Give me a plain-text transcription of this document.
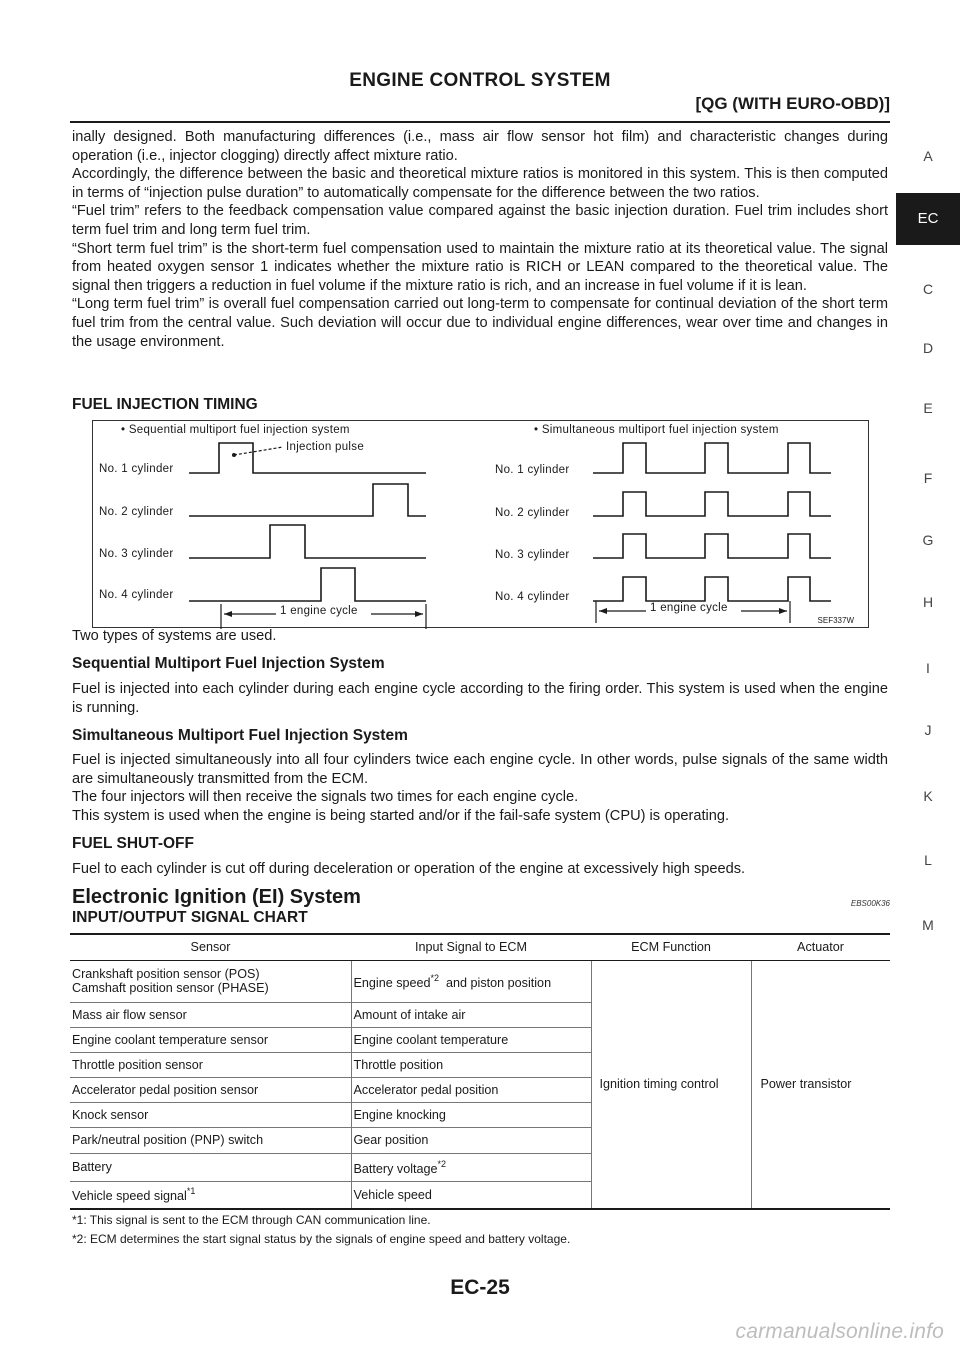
ENGINE CONTROL SYSTEM
[QG (WITH EURO-OBD)]
A
EC
C
D
E
F
G
H
I
J
K
L
M

inally designed. Both manufacturing differences (i.e., mass air flow sensor hot film) and characteristic changes during operation (i.e., injector clogging) directly affect mixture ratio.

Accordingly, the difference between the basic and theoretical mixture ratios is monitored in this system. This is then computed in terms of “injection pulse duration” to automatically compensate for the difference between the two ratios.

“Fuel trim” refers to the feedback compensation value compared against the basic injection duration. Fuel trim includes short term fuel trim and long term fuel trim.

“Short term fuel trim” is the short-term fuel compensation used to maintain the mixture ratio at its theoretical value. The signal from heated oxygen sensor 1 indicates whether the mixture ratio is RICH or LEAN compared to the theoretical value. The signal then triggers a reduction in fuel volume if the mixture ratio is rich, and an increase in fuel volume if it is lean.

“Long term fuel trim” is overall fuel compensation carried out long-term to compensate for continual deviation of the short term fuel trim from the central value. Such deviation will occur due to individual engine differences, wear over time and changes in the usage environment.

FUEL INJECTION TIMING
• Sequential multiport fuel injection system	• Simultaneous multiport fuel injection system
Injection pulse
No. 1 cylinder
No. 2 cylinder
No. 3 cylinder
No. 4 cylinder
No. 1 cylinder
No. 2 cylinder
No. 3 cylinder
No. 4 cylinder
1 engine cycle	1 engine cycle
SEF337W
Two types of systems are used.
Sequential Multiport Fuel Injection System
Fuel is injected into each cylinder during each engine cycle according to the firing order. This system is used when the engine is running.
Simultaneous Multiport Fuel Injection System

Fuel is injected simultaneously into all four cylinders twice each engine cycle. In other words, pulse signals of the same width are simultaneously transmitted from the ECM.

The four injectors will then receive the signals two times for each engine cycle.

This system is used when the engine is being started and/or if the fail-safe system (CPU) is operating.

FUEL SHUT-OFF
Fuel to each cylinder is cut off during deceleration or operation of the engine at excessively high speeds.
Electronic Ignition (EI) System	EBS00K36
INPUT/OUTPUT SIGNAL CHART
Sensor	Input Signal to ECM	ECM Function	Actuator

Crankshaft position sensor (POS)
Camshaft position sensor (PHASE)	Engine speed$^{*2}$  and piston position	Ignition timing control	Power transistor
Mass air flow sensor	Amount of intake air		
Engine coolant temperature sensor	Engine coolant temperature		
Throttle position sensor	Throttle position		
Accelerator pedal position sensor	Accelerator pedal position		
Knock sensor	Engine knocking		
Park/neutral position (PNP) switch	Gear position		
Battery	Battery voltage$^{*2}$
Vehicle speed signal$^{*1}$	Vehicle speed		
*1: This signal is sent to the ECM through CAN communication line.
*2: ECM determines the start signal status by the signals of engine speed and battery voltage.
EC-25
carmanualsonline.info
